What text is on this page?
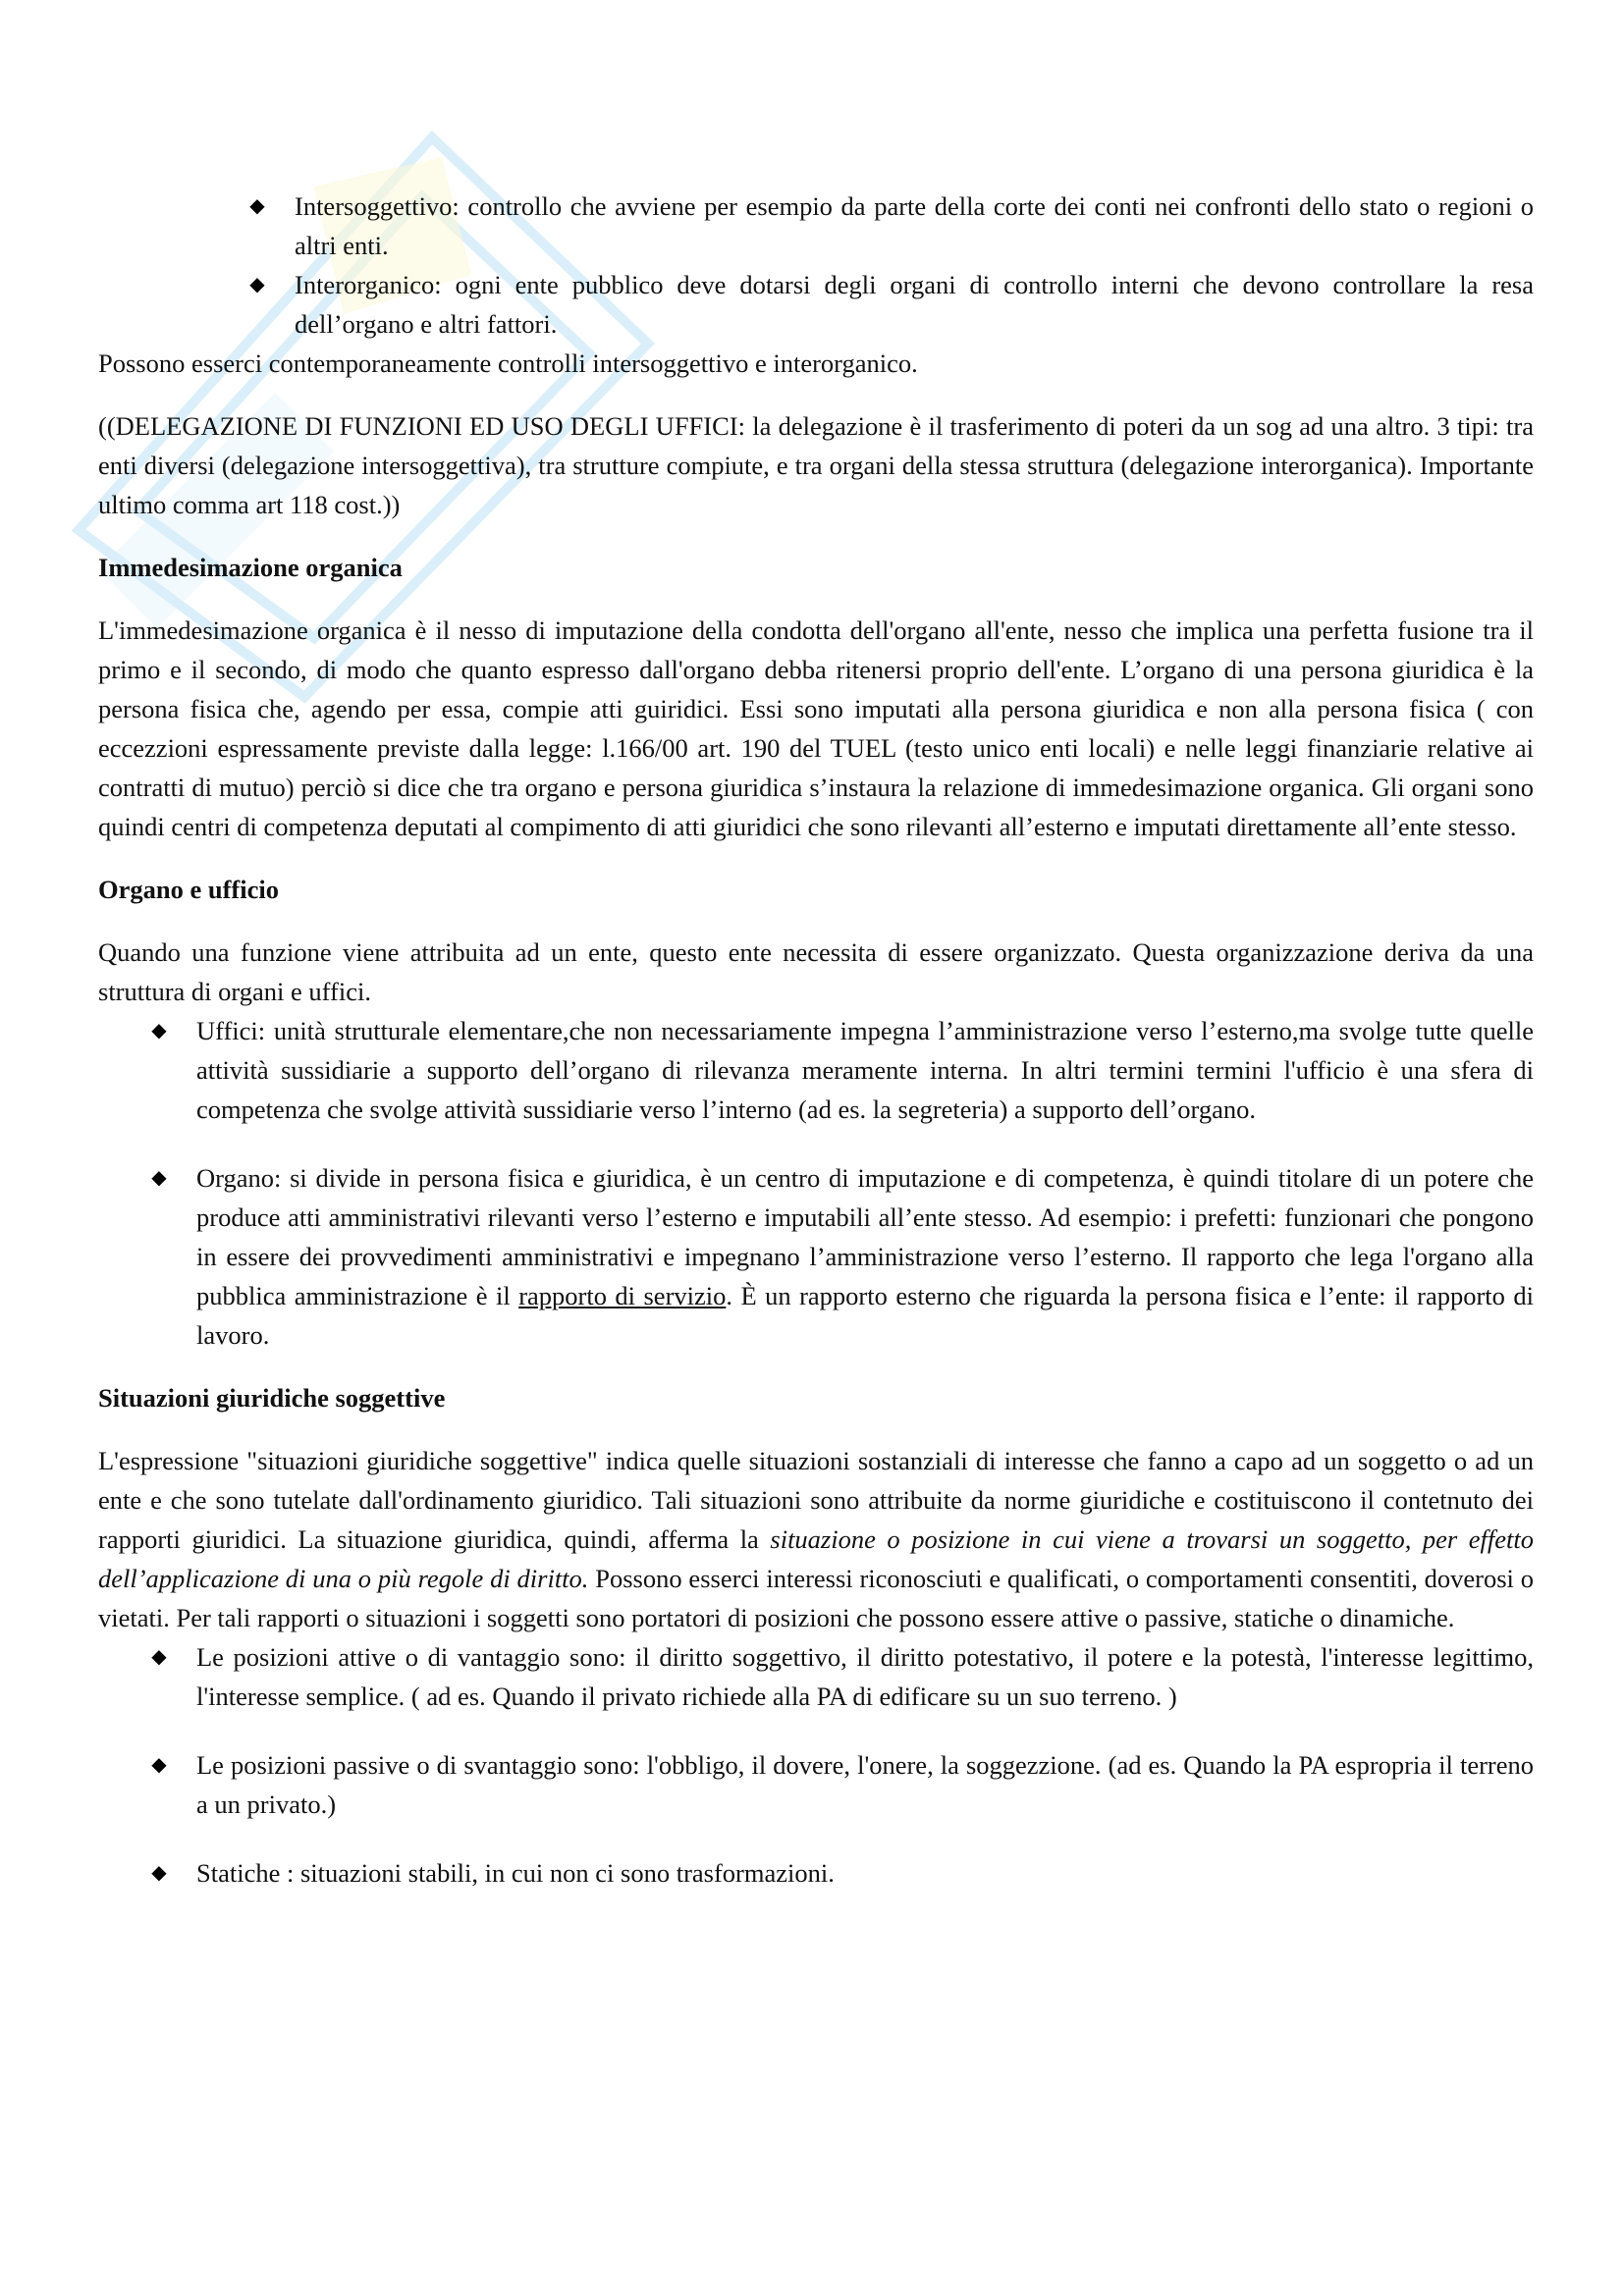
◆ Intersoggettivo: controllo che avviene per esempio da parte della corte dei conti nei confronti dello stato o regioni o altri enti.
◆ Interorganico: ogni ente pubblico deve dotarsi degli organi di controllo interni che devono controllare la resa dell’organo e altri fattori.

Possono esserci contemporaneamente controlli intersoggettivo e interorganico.

((DELEGAZIONE DI FUNZIONI ED USO DEGLI UFFICI: la delegazione è il trasferimento di poteri da un sog ad una altro. 3 tipi: tra enti diversi (delegazione intersoggettiva), tra strutture compiute, e tra organi della stessa struttura (delegazione interorganica). Importante ultimo comma art 118 cost.))

Immedesimazione organica

L'immedesimazione organica è il nesso di imputazione della condotta dell'organo all'ente, nesso che implica una perfetta fusione tra il primo e il secondo, di modo che quanto espresso dall'organo debba ritenersi proprio dell'ente. L’organo di una persona giuridica è la persona fisica che, agendo per essa, compie atti guiridici. Essi sono imputati alla persona giuridica e non alla persona fisica ( con eccezzioni espressamente previste dalla legge: l.166/00 art. 190 del TUEL (testo unico enti locali) e nelle leggi finanziarie relative ai contratti di mutuo) perciò si dice che tra organo e persona giuridica s’instaura la relazione di immedesimazione organica. Gli organi sono quindi centri di competenza deputati al compimento di atti giuridici che sono rilevanti all’esterno e imputati direttamente all’ente stesso.

Organo e ufficio

Quando una funzione viene attribuita ad un ente, questo ente necessita di essere organizzato. Questa organizzazione deriva da una struttura di organi e uffici.

◆ Uffici: unità strutturale elementare,che non necessariamente impegna l’amministrazione verso l’esterno,ma svolge tutte quelle attività sussidiarie a supporto dell’organo di rilevanza meramente interna. In altri termini termini l'ufficio è una sfera di competenza che svolge attività sussidiarie verso l’interno (ad es. la segreteria) a supporto dell’organo.
◆ Organo: si divide in persona fisica e giuridica, è un centro di imputazione e di competenza, è quindi titolare di un potere che produce atti amministrativi rilevanti verso l’esterno e imputabili all’ente stesso. Ad esempio: i prefetti: funzionari che pongono in essere dei provvedimenti amministrativi e impegnano l’amministrazione verso l’esterno. Il rapporto che lega l'organo alla pubblica amministrazione è il rapporto di servizio. È un rapporto esterno che riguarda la persona fisica e l’ente: il rapporto di lavoro.
Situazioni giuridiche soggettive

L'espressione "situazioni giuridiche soggettive" indica quelle situazioni sostanziali di interesse che fanno a capo ad un soggetto o ad un ente e che sono tutelate dall'ordinamento giuridico. Tali situazioni sono attribuite da norme giuridiche e costituiscono il contetnuto dei rapporti giuridici. La situazione giuridica, quindi, afferma la situazione o posizione in cui viene a trovarsi un soggetto, per effetto dell’applicazione di una o più regole di diritto. Possono esserci interessi riconosciuti e qualificati, o comportamenti consentiti, doverosi o vietati. Per tali rapporti o situazioni i soggetti sono portatori di posizioni che possono essere attive o passive, statiche o dinamiche.

◆ Le posizioni attive o di vantaggio sono: il diritto soggettivo, il diritto potestativo, il potere e la potestà, l'interesse legittimo, l'interesse semplice. ( ad es. Quando il privato richiede alla PA di edificare su un suo terreno. )
◆ Le posizioni passive o di svantaggio sono: l'obbligo, il dovere, l'onere, la soggezzione. (ad es. Quando la PA espropria il terreno a un privato.)
◆ Statiche : situazioni stabili, in cui non ci sono trasformazioni.
